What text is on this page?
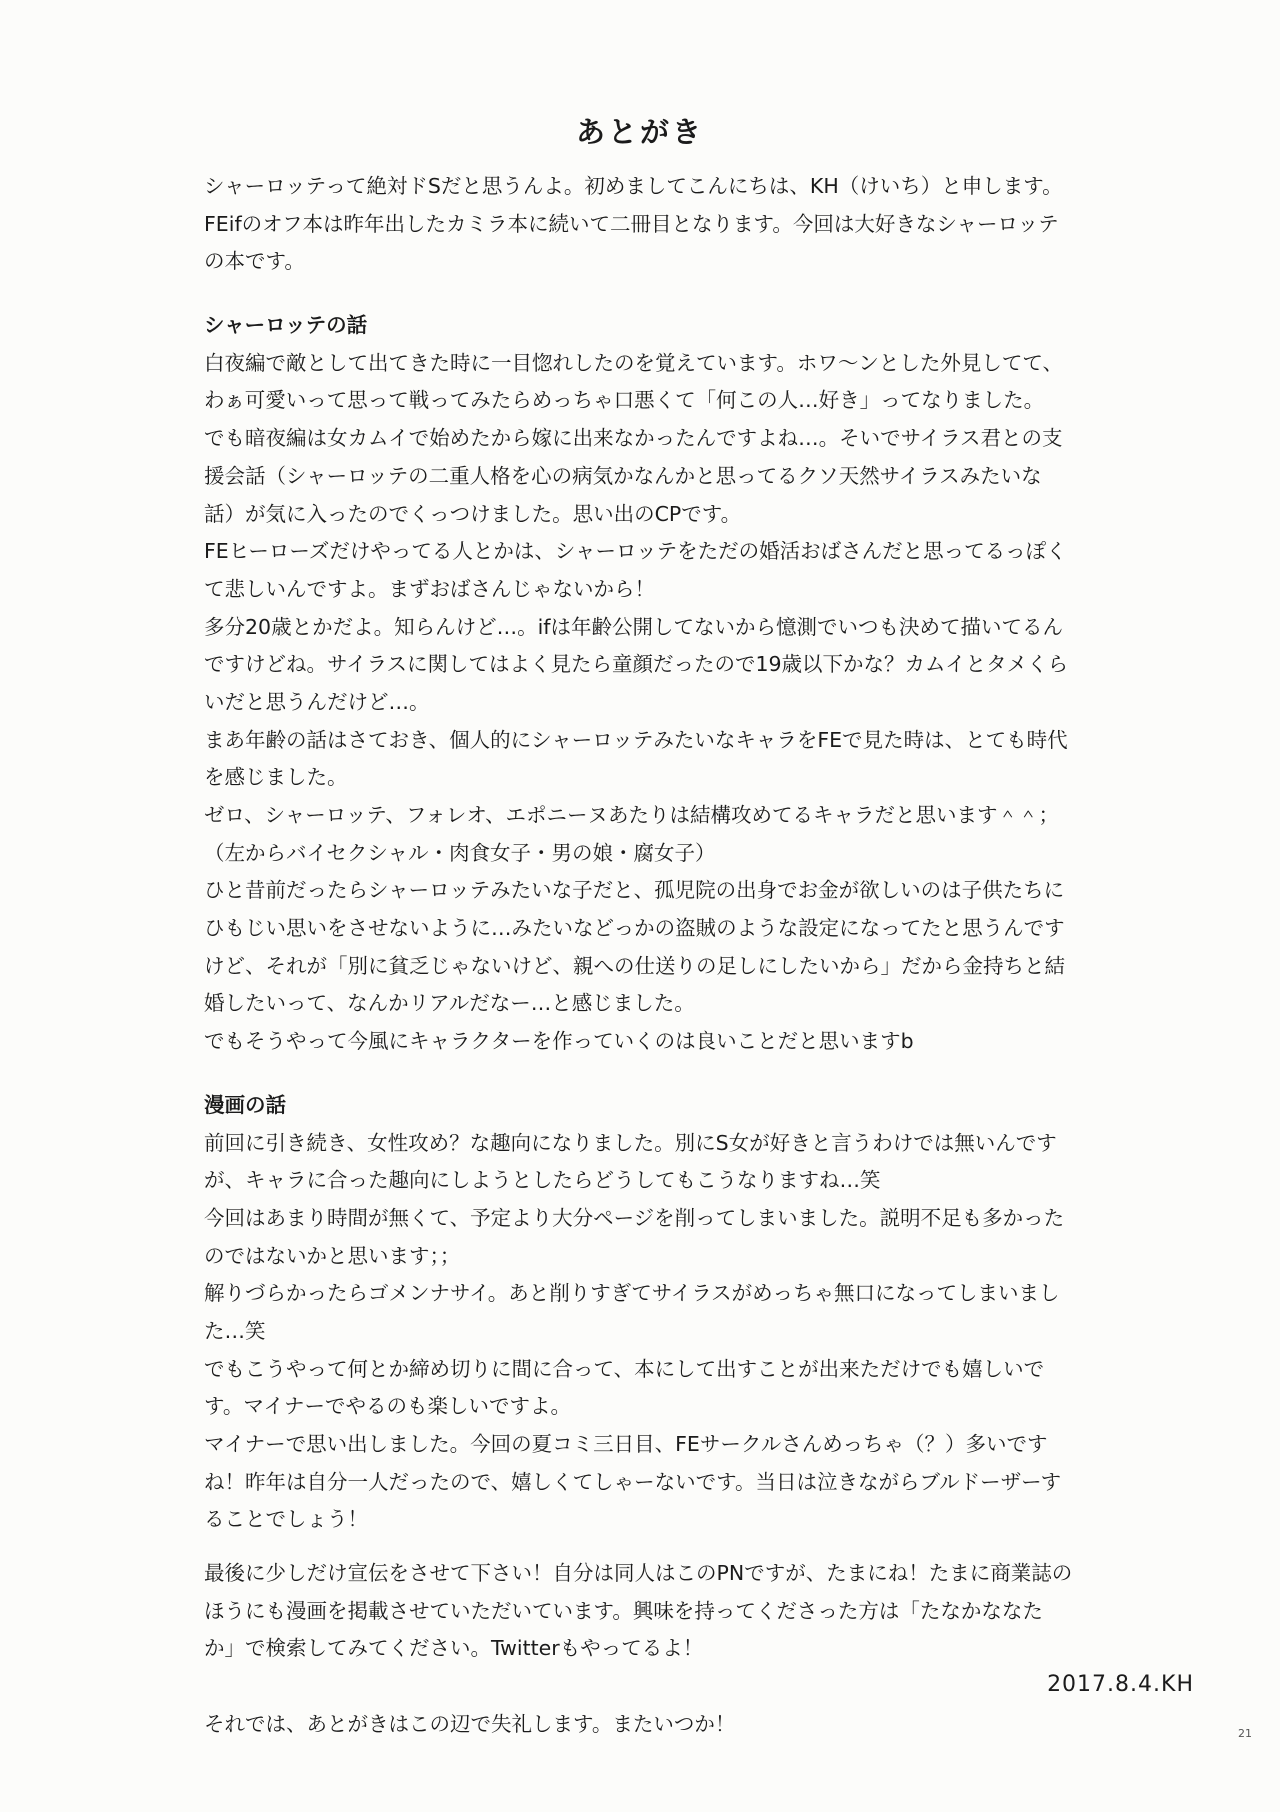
あとがき
シャーロッテって絶対ドSだと思うんよ。初めましてこんにちは、KH（けいち）と申します。
FEifのオフ本は昨年出したカミラ本に続いて二冊目となります。今回は大好きなシャーロッテ
の本です。
シャーロッテの話
白夜編で敵として出てきた時に一目惚れしたのを覚えています。ホワ〜ンとした外見してて、
わぁ可愛いって思って戦ってみたらめっちゃ口悪くて「何この人…好き」ってなりました。
でも暗夜編は女カムイで始めたから嫁に出来なかったんですよね…。そいでサイラス君との支
援会話（シャーロッテの二重人格を心の病気かなんかと思ってるクソ天然サイラスみたいな
話）が気に入ったのでくっつけました。思い出のCPです。
FEヒーローズだけやってる人とかは、シャーロッテをただの婚活おばさんだと思ってるっぽく
て悲しいんですよ。まずおばさんじゃないから！
多分20歳とかだよ。知らんけど…。ifは年齢公開してないから憶測でいつも決めて描いてるん
ですけどね。サイラスに関してはよく見たら童顔だったので19歳以下かな？カムイとタメくら
いだと思うんだけど…。
まあ年齢の話はさておき、個人的にシャーロッテみたいなキャラをFEで見た時は、とても時代
を感じました。
ゼロ、シャーロッテ、フォレオ、エポニーヌあたりは結構攻めてるキャラだと思います＾＾；
（左からバイセクシャル・肉食女子・男の娘・腐女子）
ひと昔前だったらシャーロッテみたいな子だと、孤児院の出身でお金が欲しいのは子供たちに
ひもじい思いをさせないように…みたいなどっかの盗賊のような設定になってたと思うんです
けど、それが「別に貧乏じゃないけど、親への仕送りの足しにしたいから」だから金持ちと結
婚したいって、なんかリアルだなー…と感じました。
でもそうやって今風にキャラクターを作っていくのは良いことだと思いますb
漫画の話
前回に引き続き、女性攻め？な趣向になりました。別にS女が好きと言うわけでは無いんです
が、キャラに合った趣向にしようとしたらどうしてもこうなりますね…笑
今回はあまり時間が無くて、予定より大分ページを削ってしまいました。説明不足も多かった
のではないかと思います；；
解りづらかったらゴメンナサイ。あと削りすぎてサイラスがめっちゃ無口になってしまいまし
た…笑
でもこうやって何とか締め切りに間に合って、本にして出すことが出来ただけでも嬉しいで
す。マイナーでやるのも楽しいですよ。
マイナーで思い出しました。今回の夏コミ三日目、FEサークルさんめっちゃ（？）多いです
ね！昨年は自分一人だったので、嬉しくてしゃーないです。当日は泣きながらブルドーザーす
ることでしょう！
最後に少しだけ宣伝をさせて下さい！自分は同人はこのPNですが、たまにね！たまに商業誌の
ほうにも漫画を掲載させていただいています。興味を持ってくださった方は「たなかななた
か」で検索してみてください。Twitterもやってるよ！
それでは、あとがきはこの辺で失礼します。またいつか！
2017.8.4.KH
21
